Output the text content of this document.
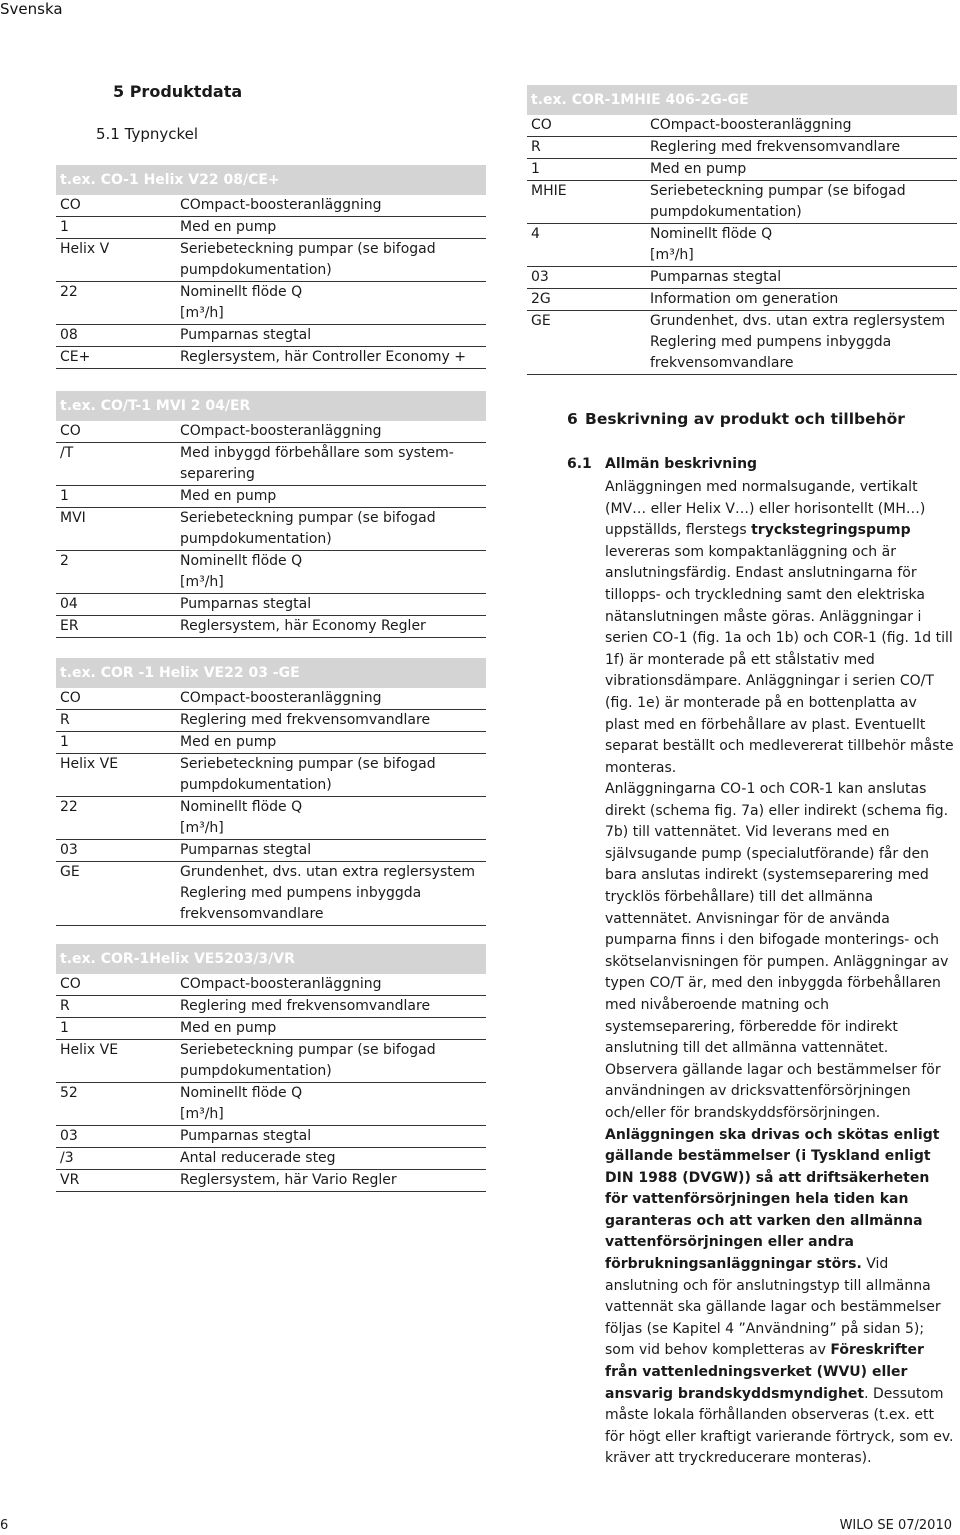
Svenska
5 Produktdata
5.1 Typnyckel
t.ex. CO-1 Helix V22 08/CE+
CO	COmpact-boosteranläggning
1	Med en pump
Helix V	Seriebeteckning pumpar (se bifogad
pumpdokumentation)
22	Nominellt flöde Q
[m³/h]
08	Pumparnas stegtal
CE+	Reglersystem, här Controller Economy +
t.ex. CO/T-1 MVI 2 04/ER
CO	COmpact-boosteranläggning
/T	Med inbyggd förbehållare som system-
separering
1	Med en pump
MVI	Seriebeteckning pumpar (se bifogad
pumpdokumentation)
2	Nominellt flöde Q
[m³/h]
04	Pumparnas stegtal
ER	Reglersystem, här Economy Regler
t.ex. COR -1 Helix VE22 03 -GE
CO	COmpact-boosteranläggning
R	Reglering med frekvensomvandlare
1	Med en pump
Helix VE	Seriebeteckning pumpar (se bifogad
pumpdokumentation)
22	Nominellt flöde Q
[m³/h]
03	Pumparnas stegtal
GE	Grundenhet, dvs. utan extra reglersystem
Reglering med pumpens inbyggda
frekvensomvandlare
t.ex. COR-1Helix VE5203/3/VR
CO	COmpact-boosteranläggning
R	Reglering med frekvensomvandlare
1	Med en pump
Helix VE	Seriebeteckning pumpar (se bifogad
pumpdokumentation)
52	Nominellt flöde Q
[m³/h]
03	Pumparnas stegtal
/3	Antal reducerade steg
VR	Reglersystem, här Vario Regler
t.ex. COR-1MHIE 406-2G-GE
CO	COmpact-boosteranläggning
R	Reglering med frekvensomvandlare
1	Med en pump
MHIE	Seriebeteckning pumpar (se bifogad
pumpdokumentation)
4	Nominellt flöde Q
[m³/h]
03	Pumparnas stegtal
2G	Information om generation
GE	Grundenhet, dvs. utan extra reglersystem
Reglering med pumpens inbyggda
frekvensomvandlare
6 Beskrivning av produkt och tillbehör
6.1 Allmän beskrivning
Anläggningen med normalsugande, vertikalt (MV… eller Helix V…) eller horisontellt (MH…) uppställds, flerstegs tryckstegringspump levereras som kompaktanläggning och är anslutningsfärdig. Endast anslutningarna för tillopps- och tryckledning samt den elektriska nätanslutningen måste göras. Anläggningar i serien CO-1 (fig. 1a och 1b) och COR-1 (fig. 1d till 1f) är monterade på ett stålstativ med vibrationsdämpare. Anläggningar i serien CO/T (fig. 1e) är monterade på en bottenplatta av plast med en förbehållare av plast. Eventuellt separat beställt och medlevererat tillbehör måste monteras.
Anläggningarna CO-1 och COR-1 kan anslutas direkt (schema fig. 7a) eller indirekt (schema fig. 7b) till vattennätet. Vid leverans med en självsugande pump (specialutförande) får den bara anslutas indirekt (systemseparering med trycklös förbehållare) till det allmänna vattennätet. Anvisningar för de använda pumparna finns i den bifogade monterings- och skötselanvisningen för pumpen. Anläggningar av typen CO/T är, med den inbyggda förbehållaren med nivåberoende matning och systemseparering, förberedde för indirekt anslutning till det allmänna vattennätet. Observera gällande lagar och bestämmelser för användningen av dricksvattenförsörjningen och/eller för brandskyddsförsörjningen. Anläggningen ska drivas och skötas enligt gällande bestämmelser (i Tyskland enligt DIN 1988 (DVGW)) så att driftsäkerheten för vattenförsörjningen hela tiden kan garanteras och att varken den allmänna vattenförsörjningen eller andra förbrukningsanläggningar störs. Vid anslutning och för anslutningstyp till allmänna vattennät ska gällande lagar och bestämmelser följas (se Kapitel 4 ”Användning” på sidan 5); som vid behov kompletteras av Föreskrifter från vattenledningsverket (WVU) eller ansvarig brandskyddsmyndighet. Dessutom måste lokala förhållanden observeras (t.ex. ett för högt eller kraftigt varierande förtryck, som ev. kräver att tryckreducerare monteras).
6	WILO SE 07/2010
